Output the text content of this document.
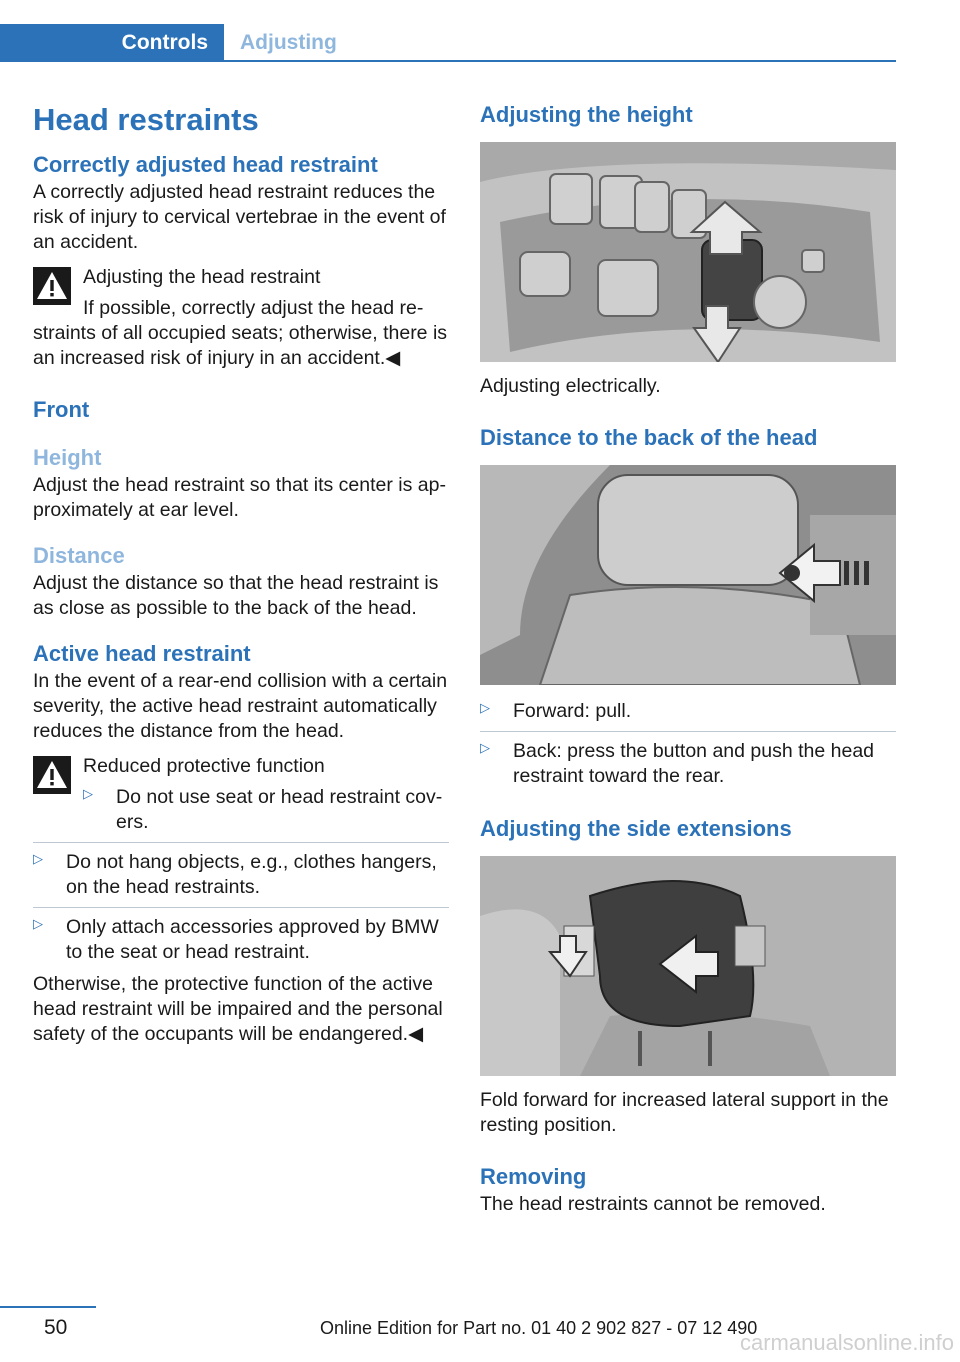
Controls	Adjusting
Head restraints
Correctly adjusted head restraint

A correctly adjusted head restraint reduces the risk of injury to cervical vertebrae in the event of an accident.

Adjusting the head restraint
If possible, correctly adjust the head re-
straints of all occupied seats; otherwise, there is an increased risk of injury in an accident.◀
Front
Height

Adjust the head restraint so that its center is ap-proximately at ear level.

Distance

Adjust the distance so that the head restraint is as close as possible to the back of the head.

Active head restraint

In the event of a rear-end collision with a certain severity, the active head restraint automatically reduces the distance from the head.

Reduced protective function
▷ Do not use seat or head restraint cov-ers.
▷ Do not hang objects, e.g., clothes hangers, on the head restraints.
▷ Only attach accessories approved by BMW to the seat or head restraint.

Otherwise, the protective function of the active head restraint will be impaired and the personal safety of the occupants will be endangered.◀

Adjusting the height
Adjusting electrically.
Distance to the back of the head
▷ Forward: pull.
▷ Back: press the button and push the head restraint toward the rear.
Adjusting the side extensions
Fold forward for increased lateral support in the resting position.
Removing

The head restraints cannot be removed.

50	Online Edition for Part no. 01 40 2 902 827 - 07 12 490
carmanualsonline.info
